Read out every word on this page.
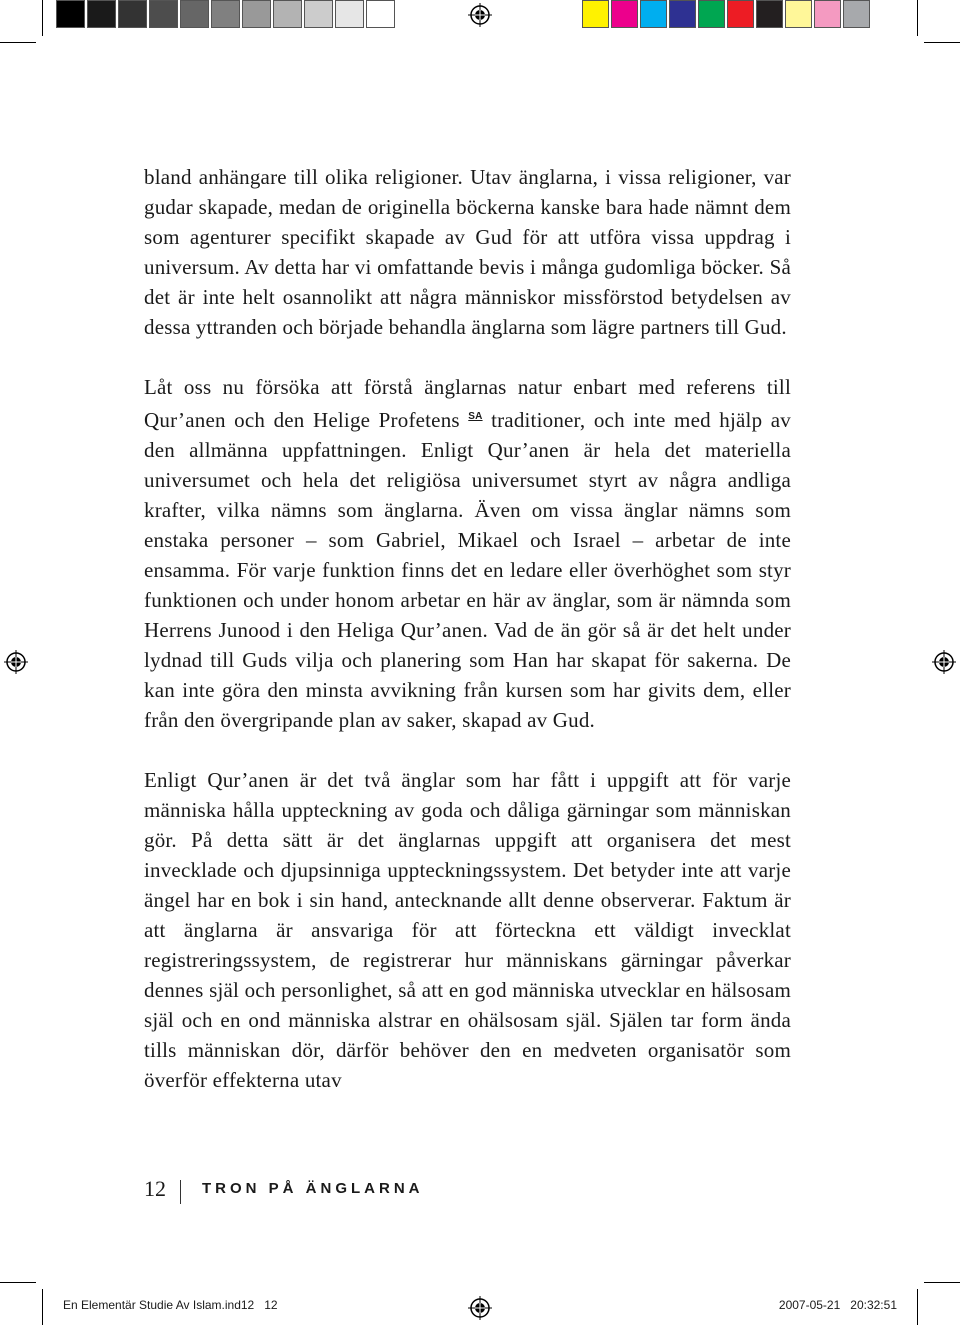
bland anhängare till olika religioner. Utav änglarna, i vissa religioner, var gudar skapade, medan de originella böckerna kanske bara hade nämnt dem som agenturer specifikt skapade av Gud för att utföra vissa uppdrag i universum. Av detta har vi omfattande bevis i många gudomliga böcker. Så det är inte helt osannolikt att några människor missförstod betydelsen av dessa yttranden och började behandla änglarna som lägre partners till Gud.

Låt oss nu försöka att förstå änglarnas natur enbart med referens till Qur’anen och den Helige Profetens $^{SA}$ traditioner, och inte med hjälp av den allmänna uppfattningen. Enligt Qur’anen är hela det materiella universumet och hela det religiösa universumet styrt av några andliga krafter, vilka nämns som änglarna. Även om vissa änglar nämns som enstaka personer – som Gabriel, Mikael och Israel – arbetar de inte ensamma. För varje funktion finns det en ledare eller överhöghet som styr funktionen och under honom arbetar en här av änglar, som är nämnda som Herrens Junood i den Heliga Qur’anen. Vad de än gör så är det helt under lydnad till Guds vilja och planering som Han har skapat för sakerna. De kan inte göra den minsta avvikning från kursen som har givits dem, eller från den övergripande plan av saker, skapad av Gud.

Enligt Qur’anen är det två änglar som har fått i uppgift att för varje människa hålla uppteckning av goda och dåliga gärningar som människan gör. På detta sätt är det änglarnas uppgift att organisera det mest invecklade och djupsinniga uppteckningssystem. Det betyder inte att varje ängel har en bok i sin hand, antecknande allt denne observerar. Faktum är att änglarna är ansvariga för att förteckna ett väldigt invecklat registreringssystem, de registrerar hur människans gärningar påverkar dennes själ och personlighet, så att en god människa utvecklar en hälsosam själ och en ond människa alstrar en ohälsosam själ. Själen tar form ända tills människan dör, därför behöver den en medveten organisatör som överför effekterna utav

12 TRON PÅ ÄNGLARNA
En Elementär Studie Av Islam.ind12   12	2007-05-21   20:32:51
